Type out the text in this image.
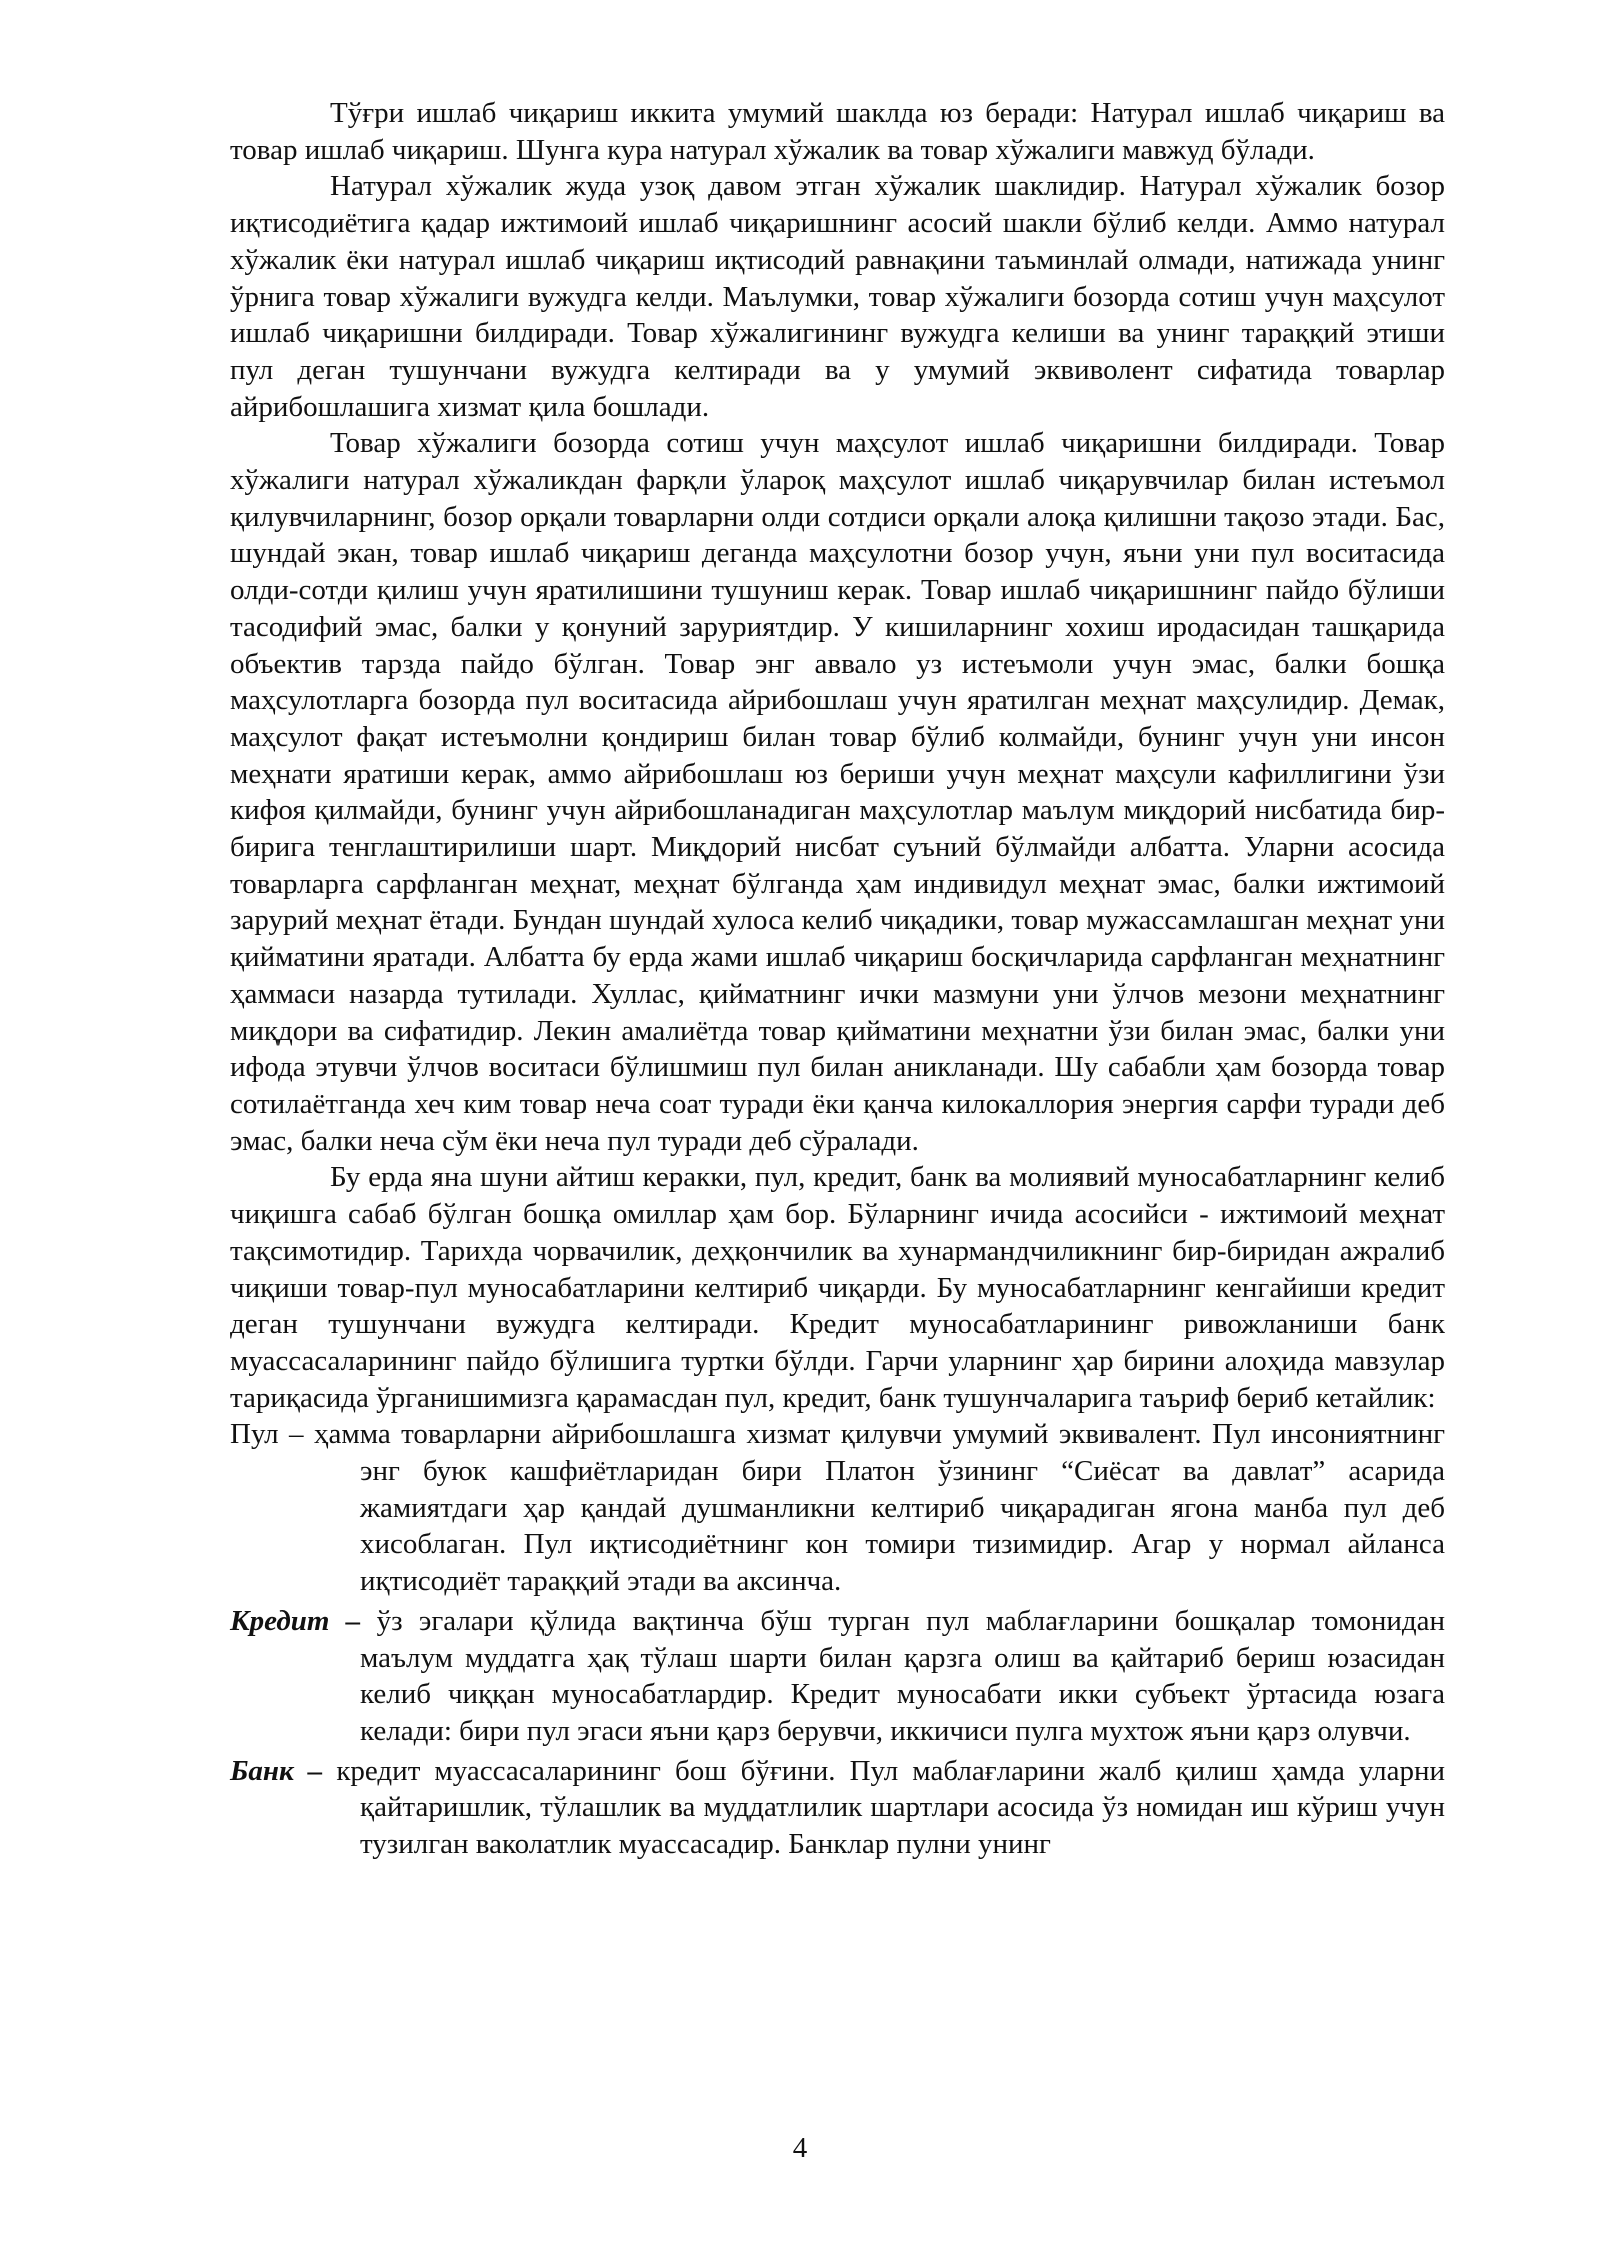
Тўғри ишлаб чиқариш иккита умумий шаклда юз беради: Натурал ишлаб чиқариш ва товар ишлаб чиқариш. Шунга кура натурал хўжалик ва товар хўжалиги мавжуд бўлади.

Натурал хўжалик жуда узоқ давом этган хўжалик шаклидир. Натурал хўжалик бозор иқтисодиётига қадар ижтимоий ишлаб чиқаришнинг асосий шакли бўлиб келди. Аммо натурал хўжалик ёки натурал ишлаб чиқариш иқтисодий равнақини таъминлай олмади, натижада унинг ўрнига товар хўжалиги вужудга келди. Маълумки, товар хўжалиги бозорда сотиш учун маҳсулот ишлаб чиқаришни билдиради. Товар хўжалигининг вужудга келиши ва унинг тараққий этиши пул деган тушунчани вужудга келтиради ва у умумий эквиволент сифатида товарлар айрибошлашига хизмат қила бошлади.

Товар хўжалиги бозорда сотиш учун маҳсулот ишлаб чиқаришни билдиради. Товар хўжалиги натурал хўжаликдан фарқли ўлароқ маҳсулот ишлаб чиқарувчилар билан истеъмол қилувчиларнинг, бозор орқали товарларни олди сотдиси орқали алоқа қилишни тақозо этади. Бас, шундай экан, товар ишлаб чиқариш деганда маҳсулотни бозор учун, яъни уни пул воситасида олди-сотди қилиш учун яратилишини тушуниш керак. Товар ишлаб чиқаришнинг пайдо бўлиши тасодифий эмас, балки у қонуний заруриятдир. У кишиларнинг хохиш иродасидан ташқарида объектив тарзда пайдо бўлган. Товар энг аввало уз истеъмоли учун эмас, балки бошқа маҳсулотларга бозорда пул воситасида айрибошлаш учун яратилган меҳнат маҳсулидир. Демак, маҳсулот фақат истеъмолни қондириш билан товар бўлиб колмайди, бунинг учун уни инсон меҳнати яратиши керак, аммо айрибошлаш юз бериши учун меҳнат маҳсули кафиллигини ўзи кифоя қилмайди, бунинг учун айрибошланадиган маҳсулотлар маълум миқдорий нисбатида бир-бирига тенглаштирилиши шарт. Миқдорий нисбат суъний бўлмайди албатта. Уларни асосида товарларга сарфланган меҳнат, меҳнат бўлганда ҳам индивидул меҳнат эмас, балки ижтимоий зарурий меҳнат ётади. Бундан шундай хулоса келиб чиқадики, товар мужассамлашган меҳнат уни қийматини яратади. Албатта бу ерда жами ишлаб чиқариш босқичларида сарфланган меҳнатнинг ҳаммаси назарда тутилади. Хуллас, қийматнинг ички мазмуни уни ўлчов мезони меҳнатнинг миқдори ва сифатидир. Лекин амалиётда товар қийматини меҳнатни ўзи билан эмас, балки уни ифода этувчи ўлчов воситаси бўлишмиш пул билан аникланади. Шу сабабли ҳам бозорда товар сотилаётганда хеч ким товар неча соат туради ёки қанча килокаллория энергия сарфи туради деб эмас, балки неча сўм ёки неча пул туради деб сўралади.

Бу ерда яна шуни айтиш керакки, пул, кредит, банк ва молиявий муносабатларнинг келиб чиқишга сабаб бўлган бошқа омиллар ҳам бор. Бўларнинг ичида асосийси - ижтимоий меҳнат тақсимотидир. Тарихда чорвачилик, деҳқончилик ва хунармандчиликнинг бир-биридан ажралиб чиқиши товар-пул муносабатларини келтириб чиқарди. Бу муносабатларнинг кенгайиши кредит деган тушунчани вужудга келтиради. Кредит муносабатларининг ривожланиши банк муассасаларининг пайдо бўлишига туртки бўлди. Гарчи уларнинг ҳар бирини алоҳида мавзулар тариқасида ўрганишимизга қарамасдан пул, кредит, банк тушунчаларига таъриф бериб кетайлик:

Пул – ҳамма товарларни айрибошлашга хизмат қилувчи умумий эквивалент. Пул инсониятнинг энг буюк кашфиётларидан бири Платон ўзининг “Сиёсат ва давлат” асарида жамиятдаги ҳар қандай душманликни келтириб чиқарадиган ягона манба пул деб хисоблаган. Пул иқтисодиётнинг кон томири тизимидир. Агар у нормал айланса иқтисодиёт тараққий этади ва аксинча.

Кредит – ўз эгалари қўлида вақтинча бўш турган пул маблағларини бошқалар томонидан маълум муддатга ҳақ тўлаш шарти билан қарзга олиш ва қайтариб бериш юзасидан келиб чиққан муносабатлардир. Кредит муносабати икки субъект ўртасида юзага келади: бири пул эгаси яъни қарз берувчи, иккичиси пулга мухтож яъни қарз олувчи.

Банк – кредит муассасаларининг бош бўғини. Пул маблағларини жалб қилиш ҳамда уларни қайтаришлик, тўлашлик ва муддатлилик шартлари асосида ўз номидан иш кўриш учун тузилган ваколатлик муассасадир. Банклар пулни унинг

4
